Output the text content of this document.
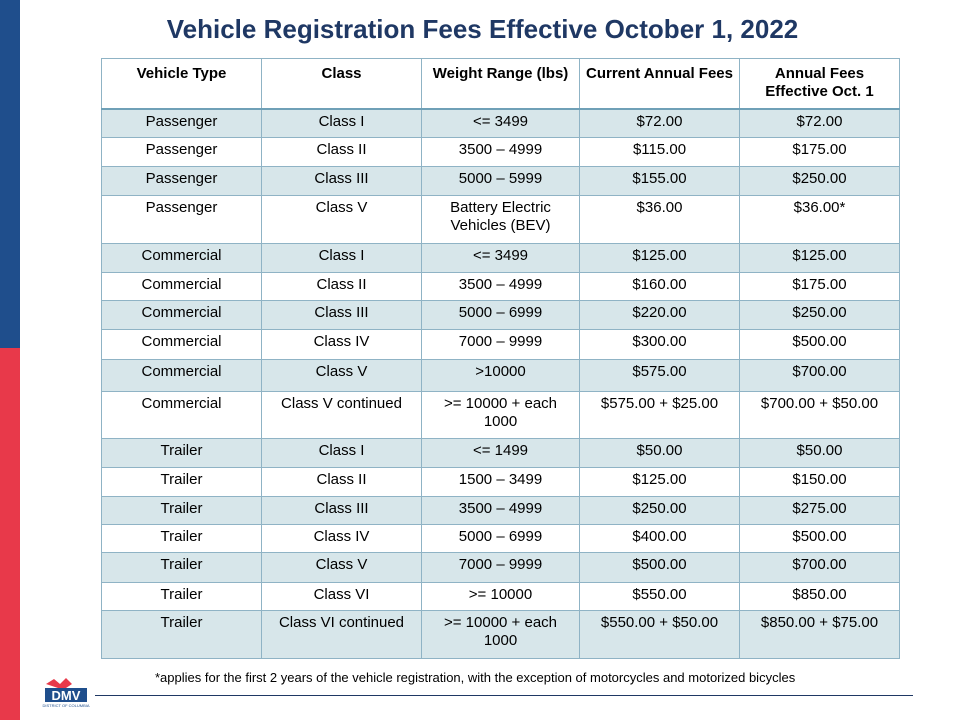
Vehicle Registration Fees Effective October 1, 2022
Vehicle Type	Class	Weight Range (lbs)	Current Annual Fees	Annual Fees Effective Oct. 1
Passenger	Class I	<= 3499	$72.00	$72.00
Passenger	Class II	3500 – 4999	$115.00	$175.00
Passenger	Class III	5000 – 5999	$155.00	$250.00
Passenger	Class V	Battery Electric Vehicles (BEV)	$36.00	$36.00*
Commercial	Class I	<= 3499	$125.00	$125.00
Commercial	Class II	3500 – 4999	$160.00	$175.00
Commercial	Class III	5000 – 6999	$220.00	$250.00
Commercial	Class IV	7000 – 9999	$300.00	$500.00
Commercial	Class V	>10000	$575.00	$700.00
Commercial	Class V continued	>= 10000 + each 1000	$575.00 + $25.00	$700.00 + $50.00
Trailer	Class I	<= 1499	$50.00	$50.00
Trailer	Class II	1500 – 3499	$125.00	$150.00
Trailer	Class III	3500 – 4999	$250.00	$275.00
Trailer	Class IV	5000 – 6999	$400.00	$500.00
Trailer	Class V	7000 – 9999	$500.00	$700.00
Trailer	Class VI	>= 10000	$550.00	$850.00
Trailer	Class VI continued	>= 10000 + each 1000	$550.00 + $50.00	$850.00 + $75.00
DMV
DISTRICT OF COLUMBIA
*applies for the first 2 years of the vehicle registration, with the exception of motorcycles and motorized bicycles
